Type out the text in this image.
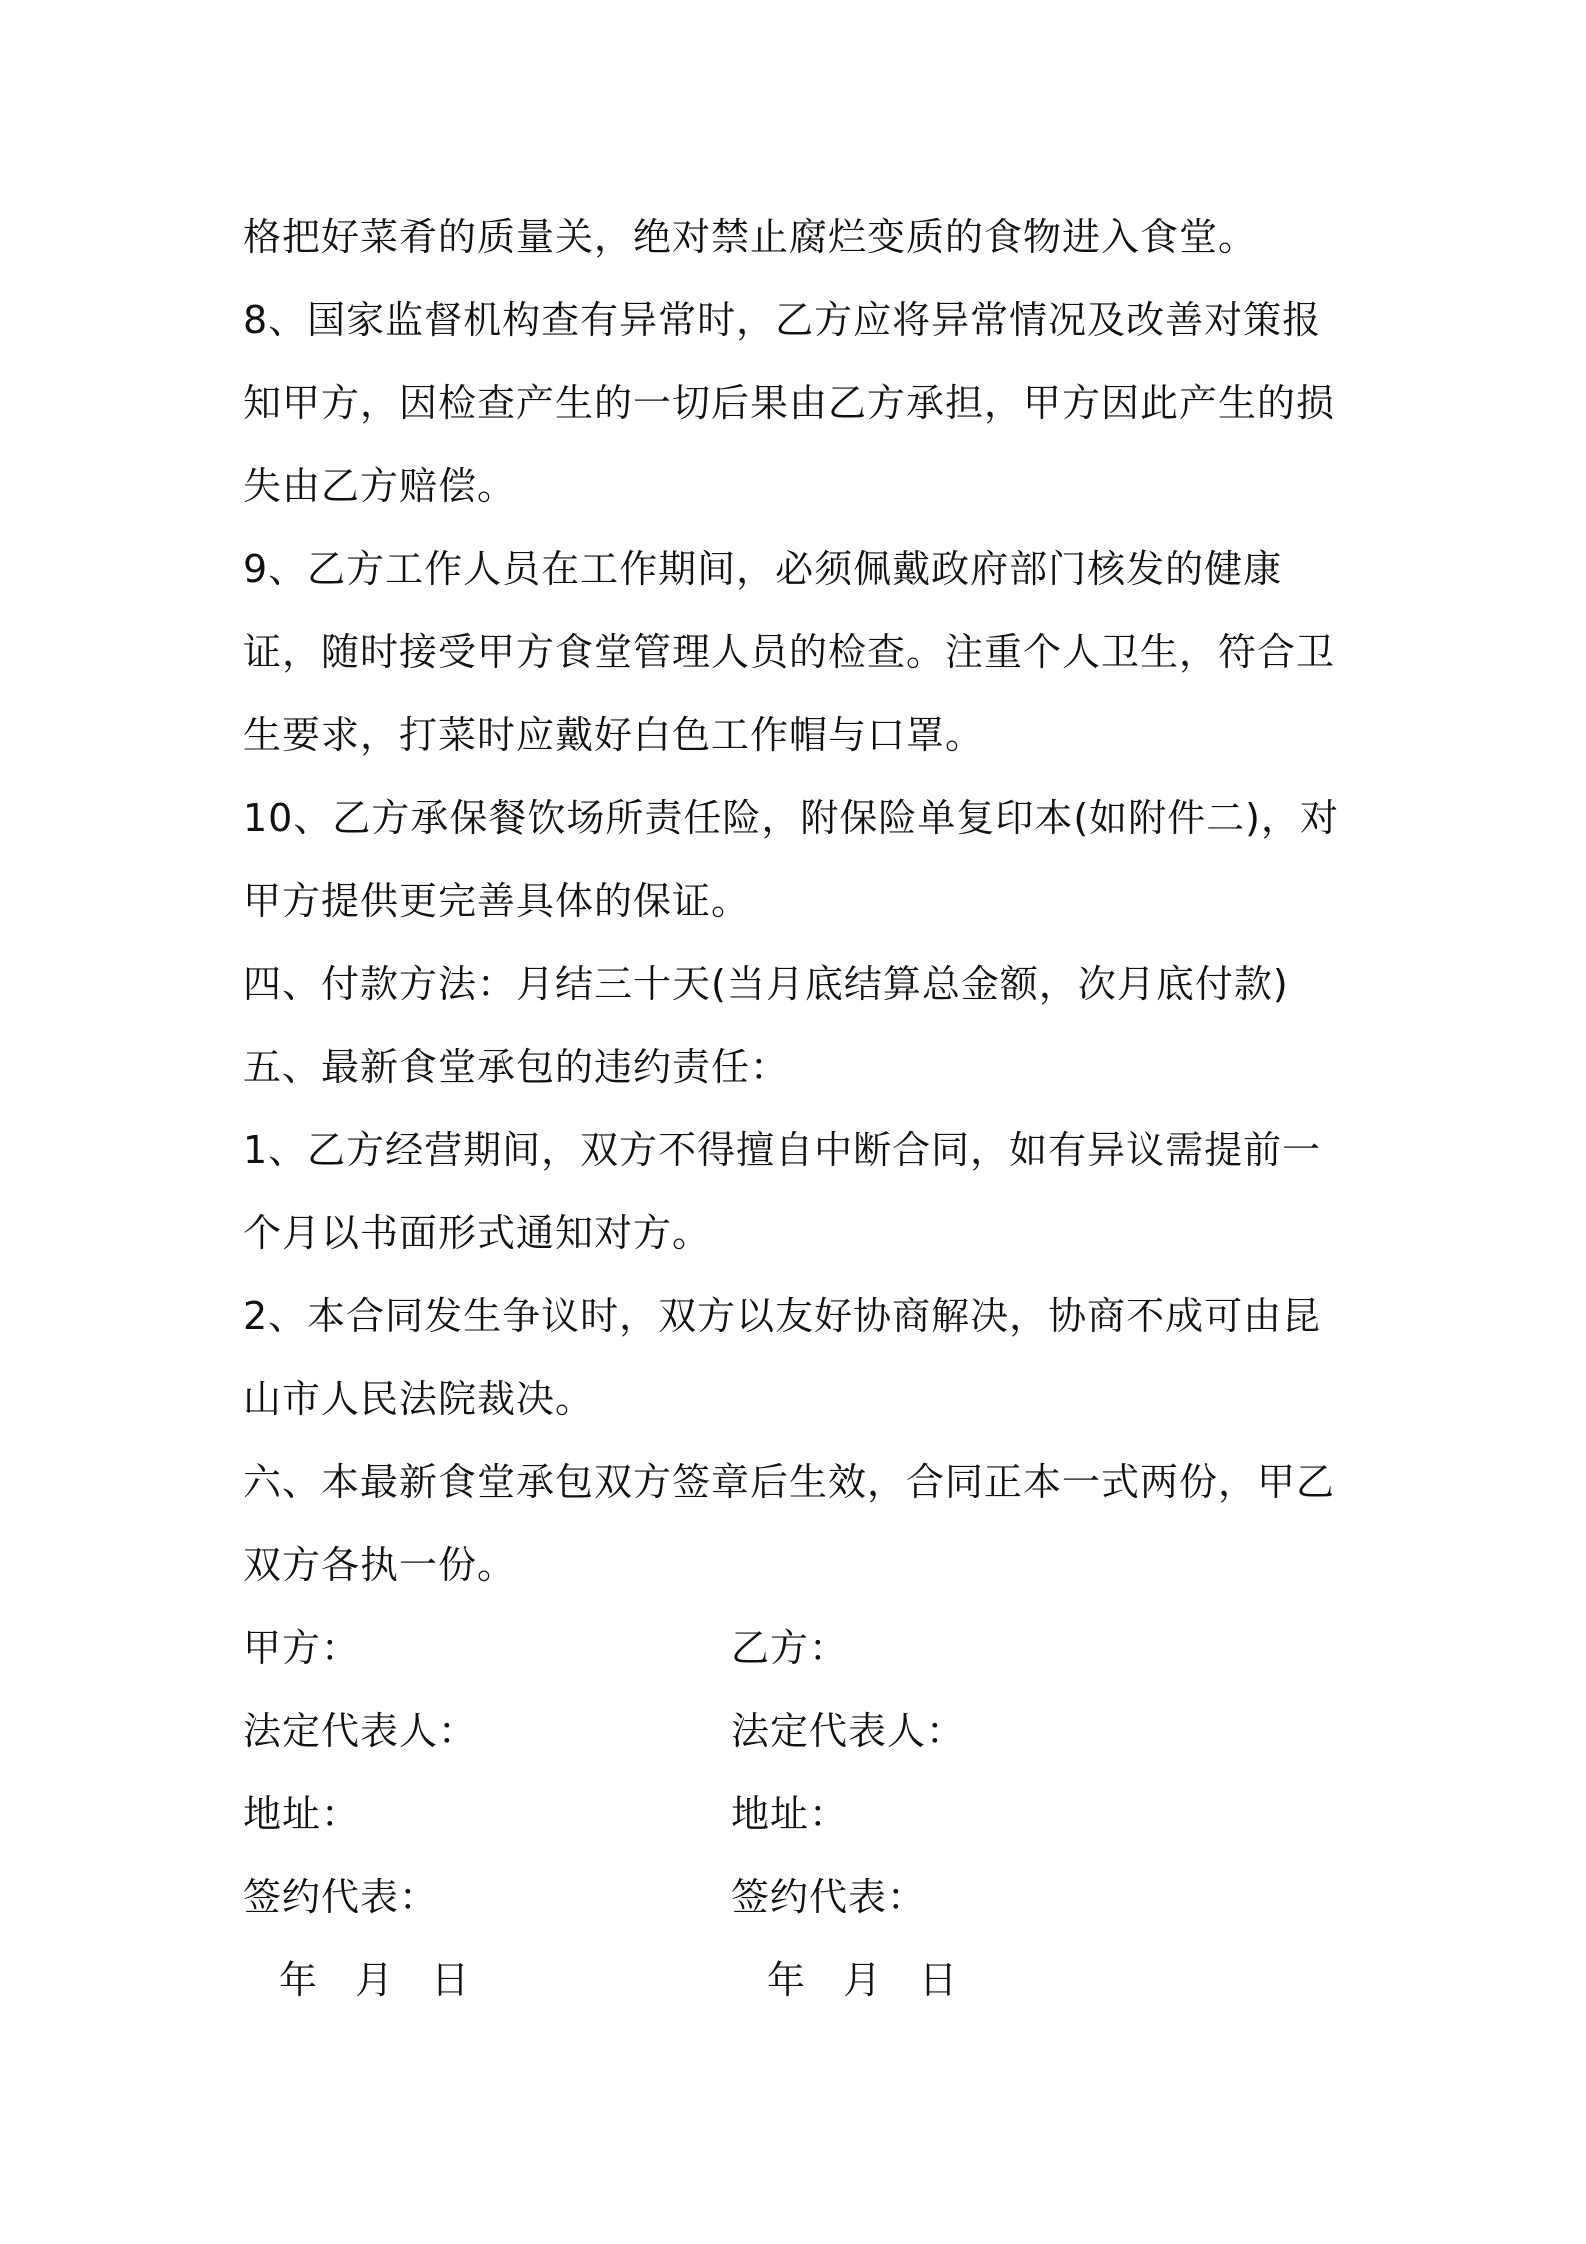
格把好菜肴的质量关，绝对禁止腐烂变质的食物进入食堂。

8、国家监督机构查有异常时，乙方应将异常情况及改善对策报知甲方，因检查产生的一切后果由乙方承担，甲方因此产生的损失由乙方赔偿。

9、乙方工作人员在工作期间，必须佩戴政府部门核发的健康证，随时接受甲方食堂管理人员的检查。注重个人卫生，符合卫生要求，打菜时应戴好白色工作帽与口罩。

10、乙方承保餐饮场所责任险，附保险单复印本(如附件二)，对甲方提供更完善具体的保证。

四、付款方法：月结三十天(当月底结算总金额，次月底付款)

五、最新食堂承包的违约责任：

1、乙方经营期间，双方不得擅自中断合同，如有异议需提前一个月以书面形式通知对方。

2、本合同发生争议时，双方以友好协商解决，协商不成可由昆山市人民法院裁决。

六、本最新食堂承包双方签章后生效，合同正本一式两份，甲乙双方各执一份。

甲方：	乙方：
法定代表人：	法定代表人：
地址：	地址：
签约代表：	签约代表：
年 月 日	年 月 日
